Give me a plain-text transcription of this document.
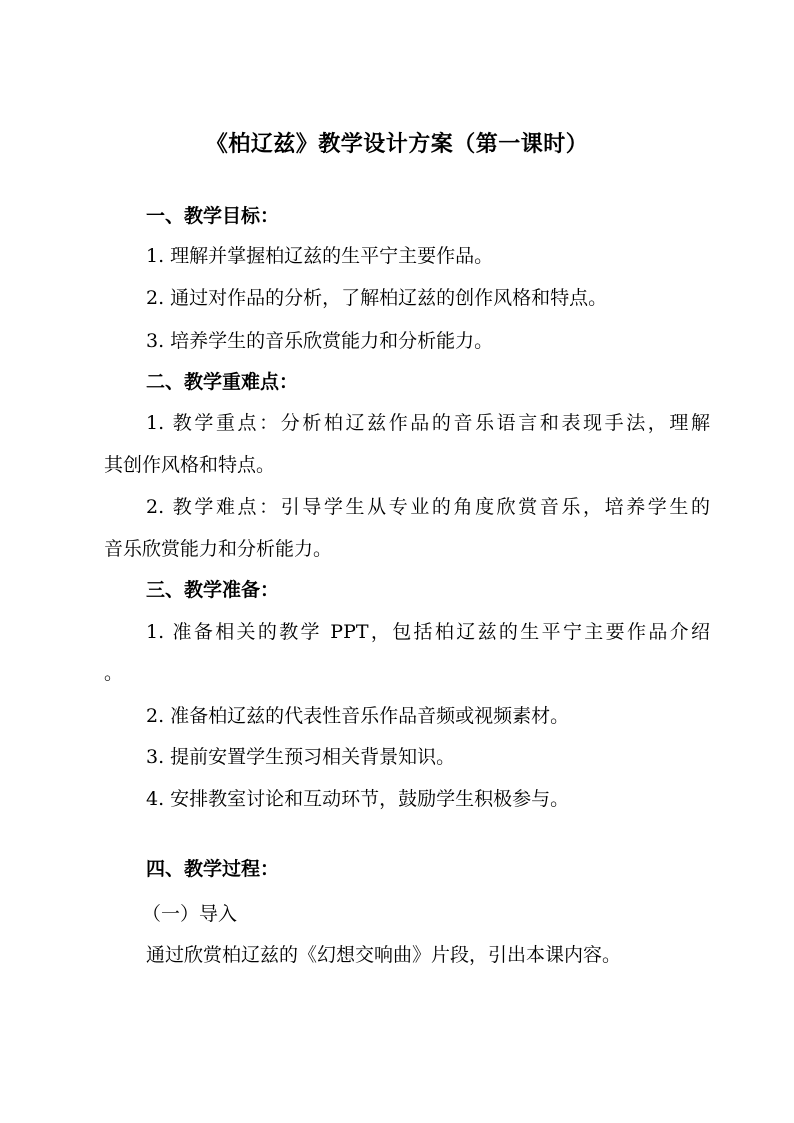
《柏辽兹》教学设计方案（第一课时）
一、教学目标：
1. 理解并掌握柏辽兹的生平宁主要作品。
2. 通过对作品的分析，了解柏辽兹的创作风格和特点。
3. 培养学生的音乐欣赏能力和分析能力。
二、教学重难点：
1. 教学重点：分析柏辽兹作品的音乐语言和表现手法，理解
其创作风格和特点。
2. 教学难点：引导学生从专业的角度欣赏音乐，培养学生的
音乐欣赏能力和分析能力。
三、教学准备：
1. 准备相关的教学 PPT，包括柏辽兹的生平宁主要作品介绍
。
2. 准备柏辽兹的代表性音乐作品音频或视频素材。
3. 提前安置学生预习相关背景知识。
4. 安排教室讨论和互动环节，鼓励学生积极参与。
四、教学过程：
（一）导入
通过欣赏柏辽兹的《幻想交响曲》片段，引出本课内容。
